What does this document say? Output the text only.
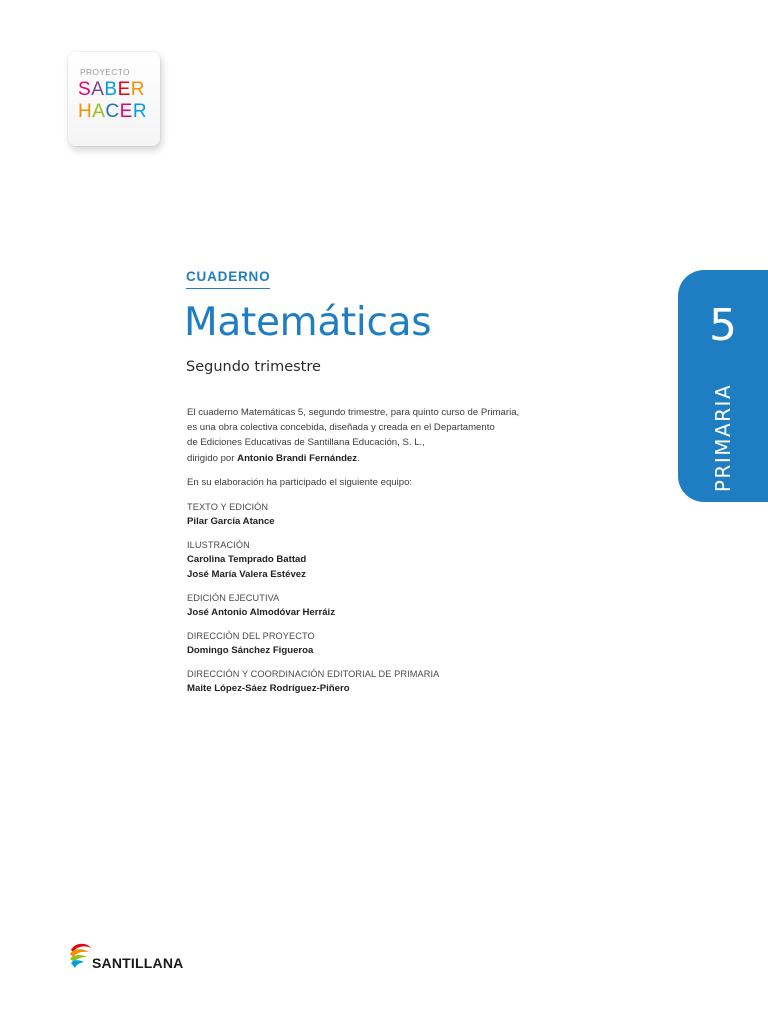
PROYECTO
SABER
HACER
CUADERNO
Matemáticas
Segundo trimestre
El cuaderno Matemáticas 5, segundo trimestre, para quinto curso de Primaria,
es una obra colectiva concebida, diseñada y creada en el Departamento
de Ediciones Educativas de Santillana Educación, S. L.,
dirigido por Antonio Brandi Fernández.
En su elaboración ha participado el siguiente equipo:
TEXTO Y EDICIÓN
Pilar García Atance
ILUSTRACIÓN
Carolina Temprado Battad
José María Valera Estévez
EDICIÓN EJECUTIVA
José Antonio Almodóvar Herráiz
DIRECCIÓN DEL PROYECTO
Domingo Sánchez Figueroa
DIRECCIÓN Y COORDINACIÓN EDITORIAL DE PRIMARIA
Maite López-Sáez Rodríguez-Piñero
5
PRIMARIA
SANTILLANA
